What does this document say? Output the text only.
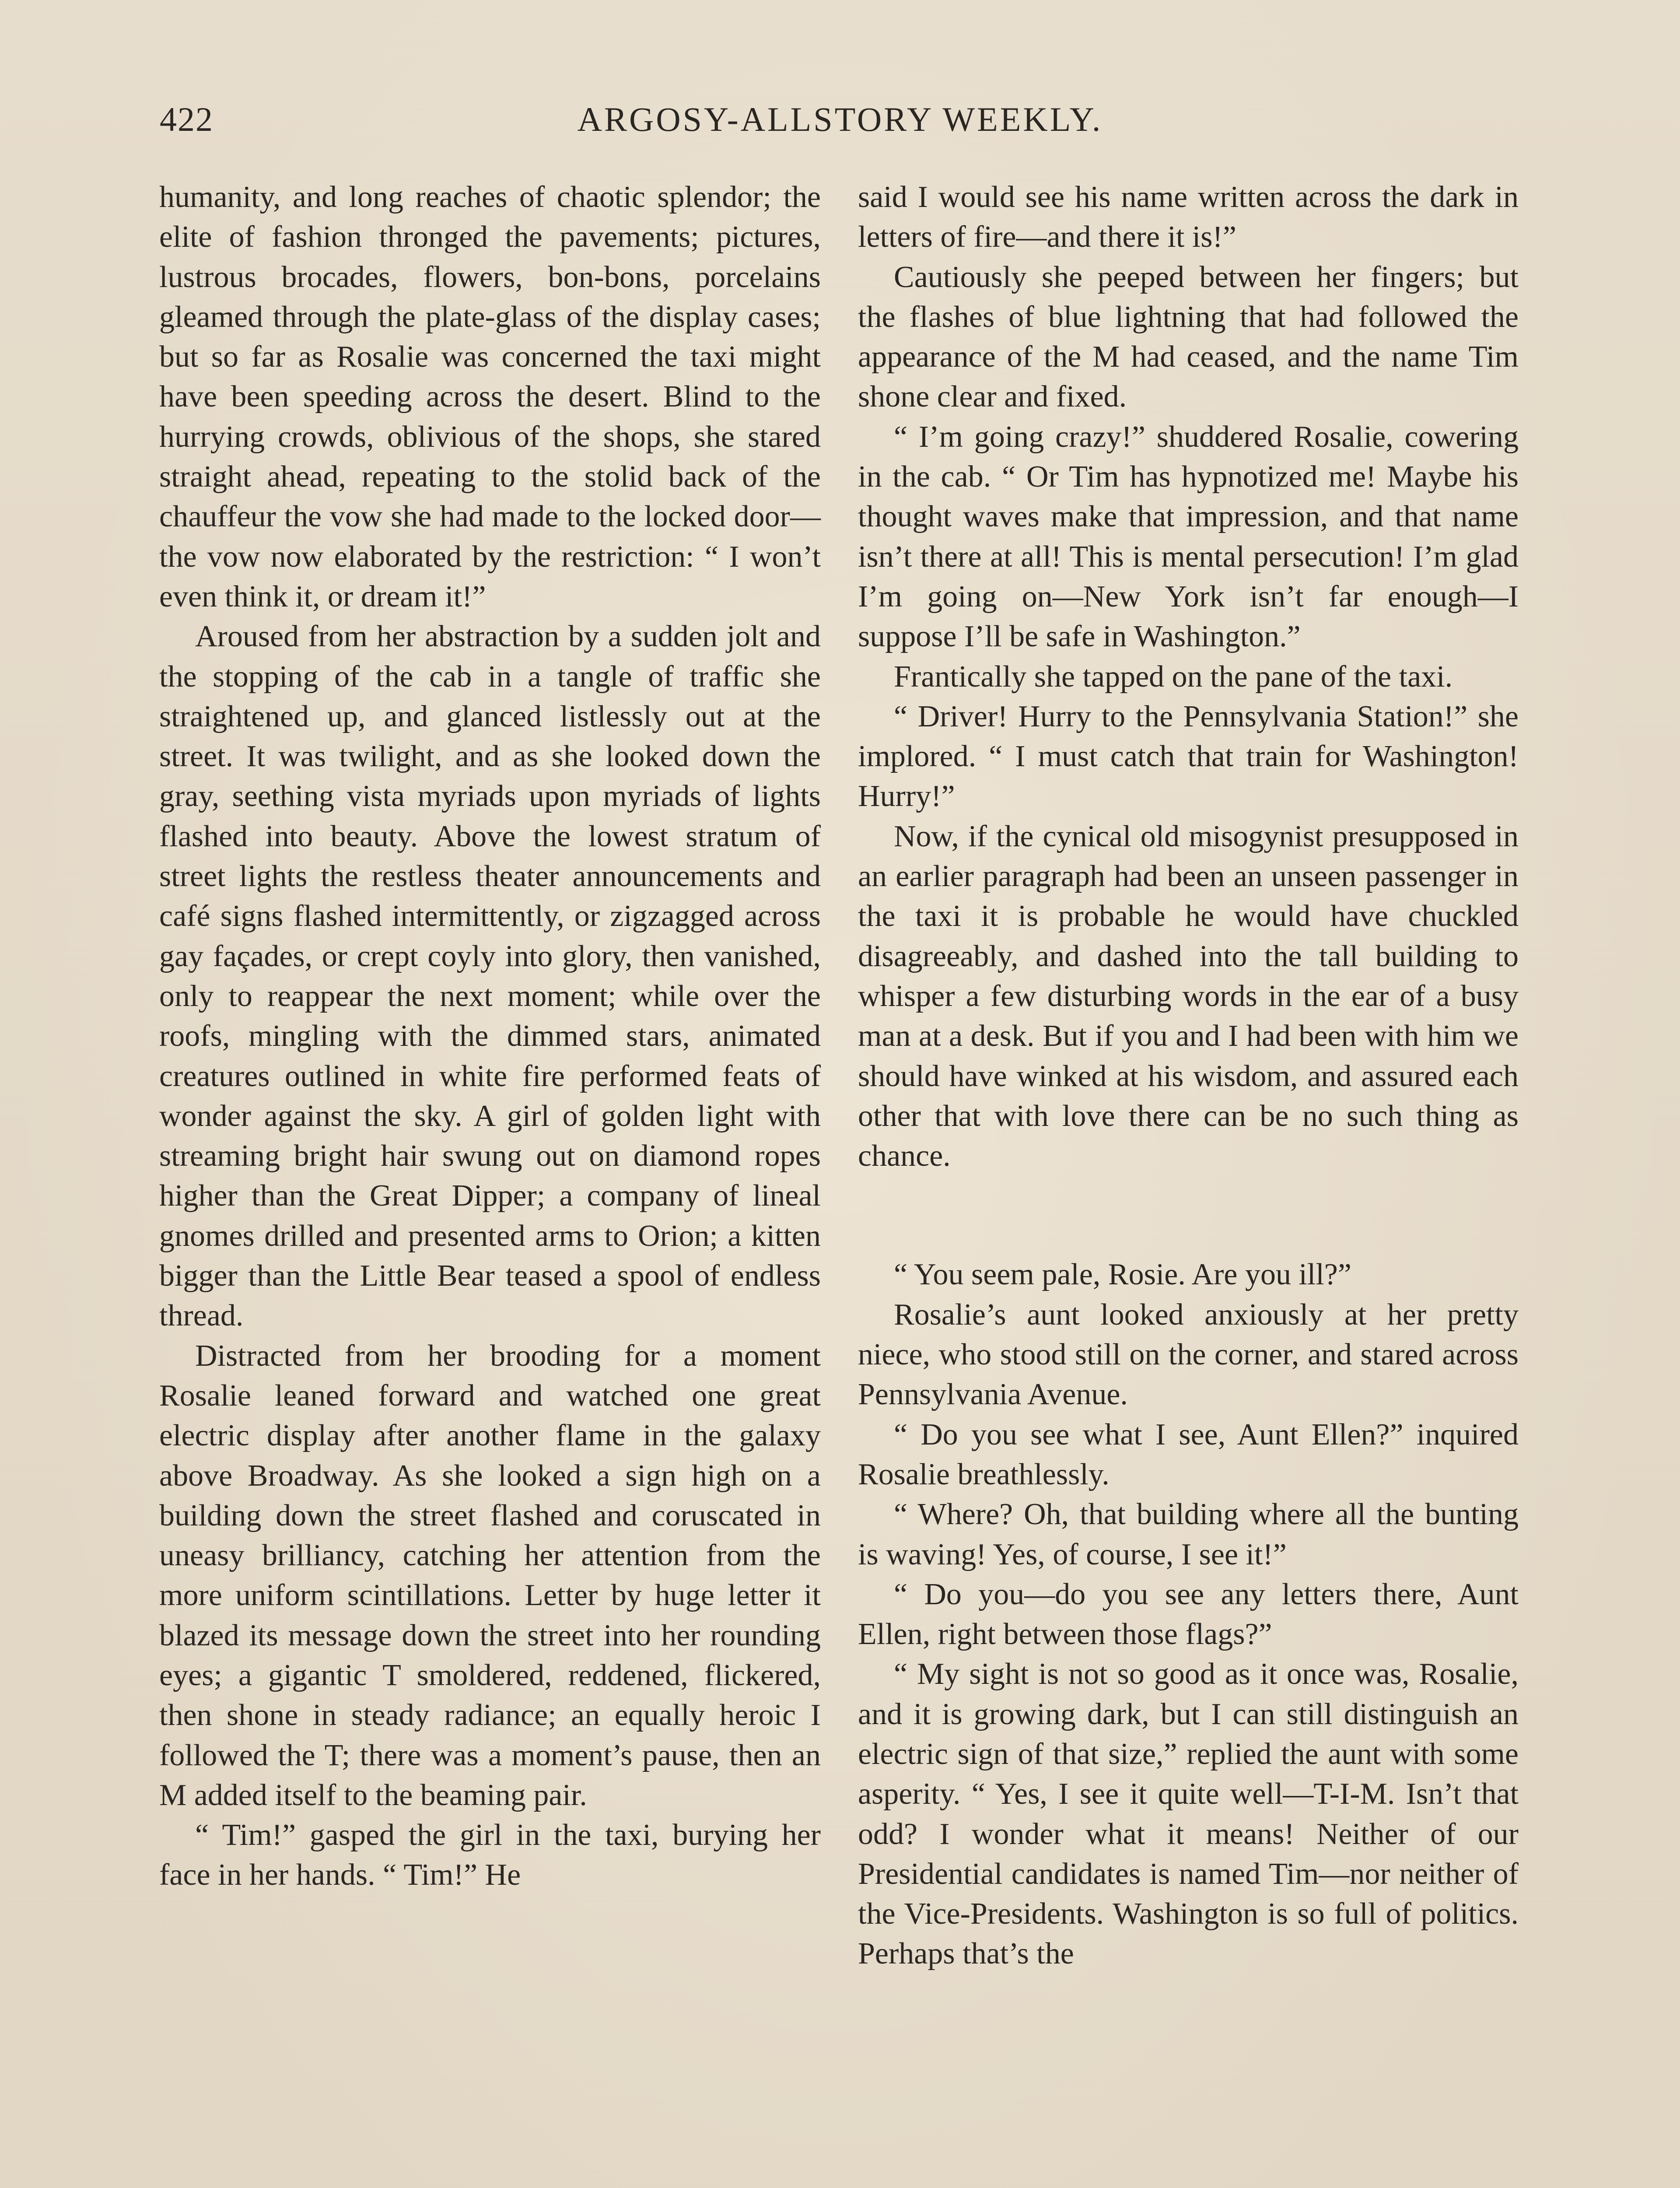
422	ARGOSY-ALLSTORY WEEKLY.

humanity, and long reaches of chaotic splendor; the elite of fashion thronged the pavements; pictures, lustrous brocades, flowers, bon-bons, porcelains gleamed through the plate-glass of the display cases; but so far as Rosalie was concerned the taxi might have been speeding across the desert. Blind to the hurrying crowds, oblivious of the shops, she stared straight ahead, repeating to the stolid back of the chauffeur the vow she had made to the locked door—the vow now elaborated by the restriction: “ I won’t even think it, or dream it!”

Aroused from her abstraction by a sudden jolt and the stopping of the cab in a tangle of traffic she straightened up, and glanced listlessly out at the street. It was twilight, and as she looked down the gray, seething vista myriads upon myriads of lights flashed into beauty. Above the lowest stratum of street lights the restless theater announcements and café signs flashed intermittently, or zigzagged across gay façades, or crept coyly into glory, then vanished, only to reappear the next moment; while over the roofs, mingling with the dimmed stars, animated creatures outlined in white fire performed feats of wonder against the sky. A girl of golden light with streaming bright hair swung out on diamond ropes higher than the Great Dipper; a company of lineal gnomes drilled and presented arms to Orion; a kitten bigger than the Little Bear teased a spool of endless thread.

Distracted from her brooding for a moment Rosalie leaned forward and watched one great electric display after another flame in the galaxy above Broadway. As she looked a sign high on a building down the street flashed and coruscated in uneasy brilliancy, catching her attention from the more uniform scintillations. Letter by huge letter it blazed its message down the street into her rounding eyes; a gigantic T smoldered, reddened, flickered, then shone in steady radiance; an equally heroic I followed the T; there was a moment’s pause, then an M added itself to the beaming pair.

“ Tim!” gasped the girl in the taxi, burying her face in her hands. “ Tim!” He

said I would see his name written across the dark in letters of fire—and there it is!”

Cautiously she peeped between her fingers; but the flashes of blue lightning that had followed the appearance of the M had ceased, and the name Tim shone clear and fixed.

“ I’m going crazy!” shuddered Rosalie, cowering in the cab. “ Or Tim has hypnotized me! Maybe his thought waves make that impression, and that name isn’t there at all! This is mental persecution! I’m glad I’m going on—New York isn’t far enough—I suppose I’ll be safe in Washington.”

Frantically she tapped on the pane of the taxi.

“ Driver! Hurry to the Pennsylvania Station!” she implored. “ I must catch that train for Washington! Hurry!”

Now, if the cynical old misogynist presupposed in an earlier paragraph had been an unseen passenger in the taxi it is probable he would have chuckled disagreeably, and dashed into the tall building to whisper a few disturbing words in the ear of a busy man at a desk. But if you and I had been with him we should have winked at his wisdom, and assured each other that with love there can be no such thing as chance.

“ You seem pale, Rosie. Are you ill?”

Rosalie’s aunt looked anxiously at her pretty niece, who stood still on the corner, and stared across Pennsylvania Avenue.

“ Do you see what I see, Aunt Ellen?” inquired Rosalie breathlessly.

“ Where? Oh, that building where all the bunting is waving! Yes, of course, I see it!”

“ Do you—do you see any letters there, Aunt Ellen, right between those flags?”

“ My sight is not so good as it once was, Rosalie, and it is growing dark, but I can still distinguish an electric sign of that size,” replied the aunt with some asperity. “ Yes, I see it quite well—T-I-M. Isn’t that odd? I wonder what it means! Neither of our Presidential candidates is named Tim—nor neither of the Vice-Presidents. Washington is so full of politics. Perhaps that’s the
